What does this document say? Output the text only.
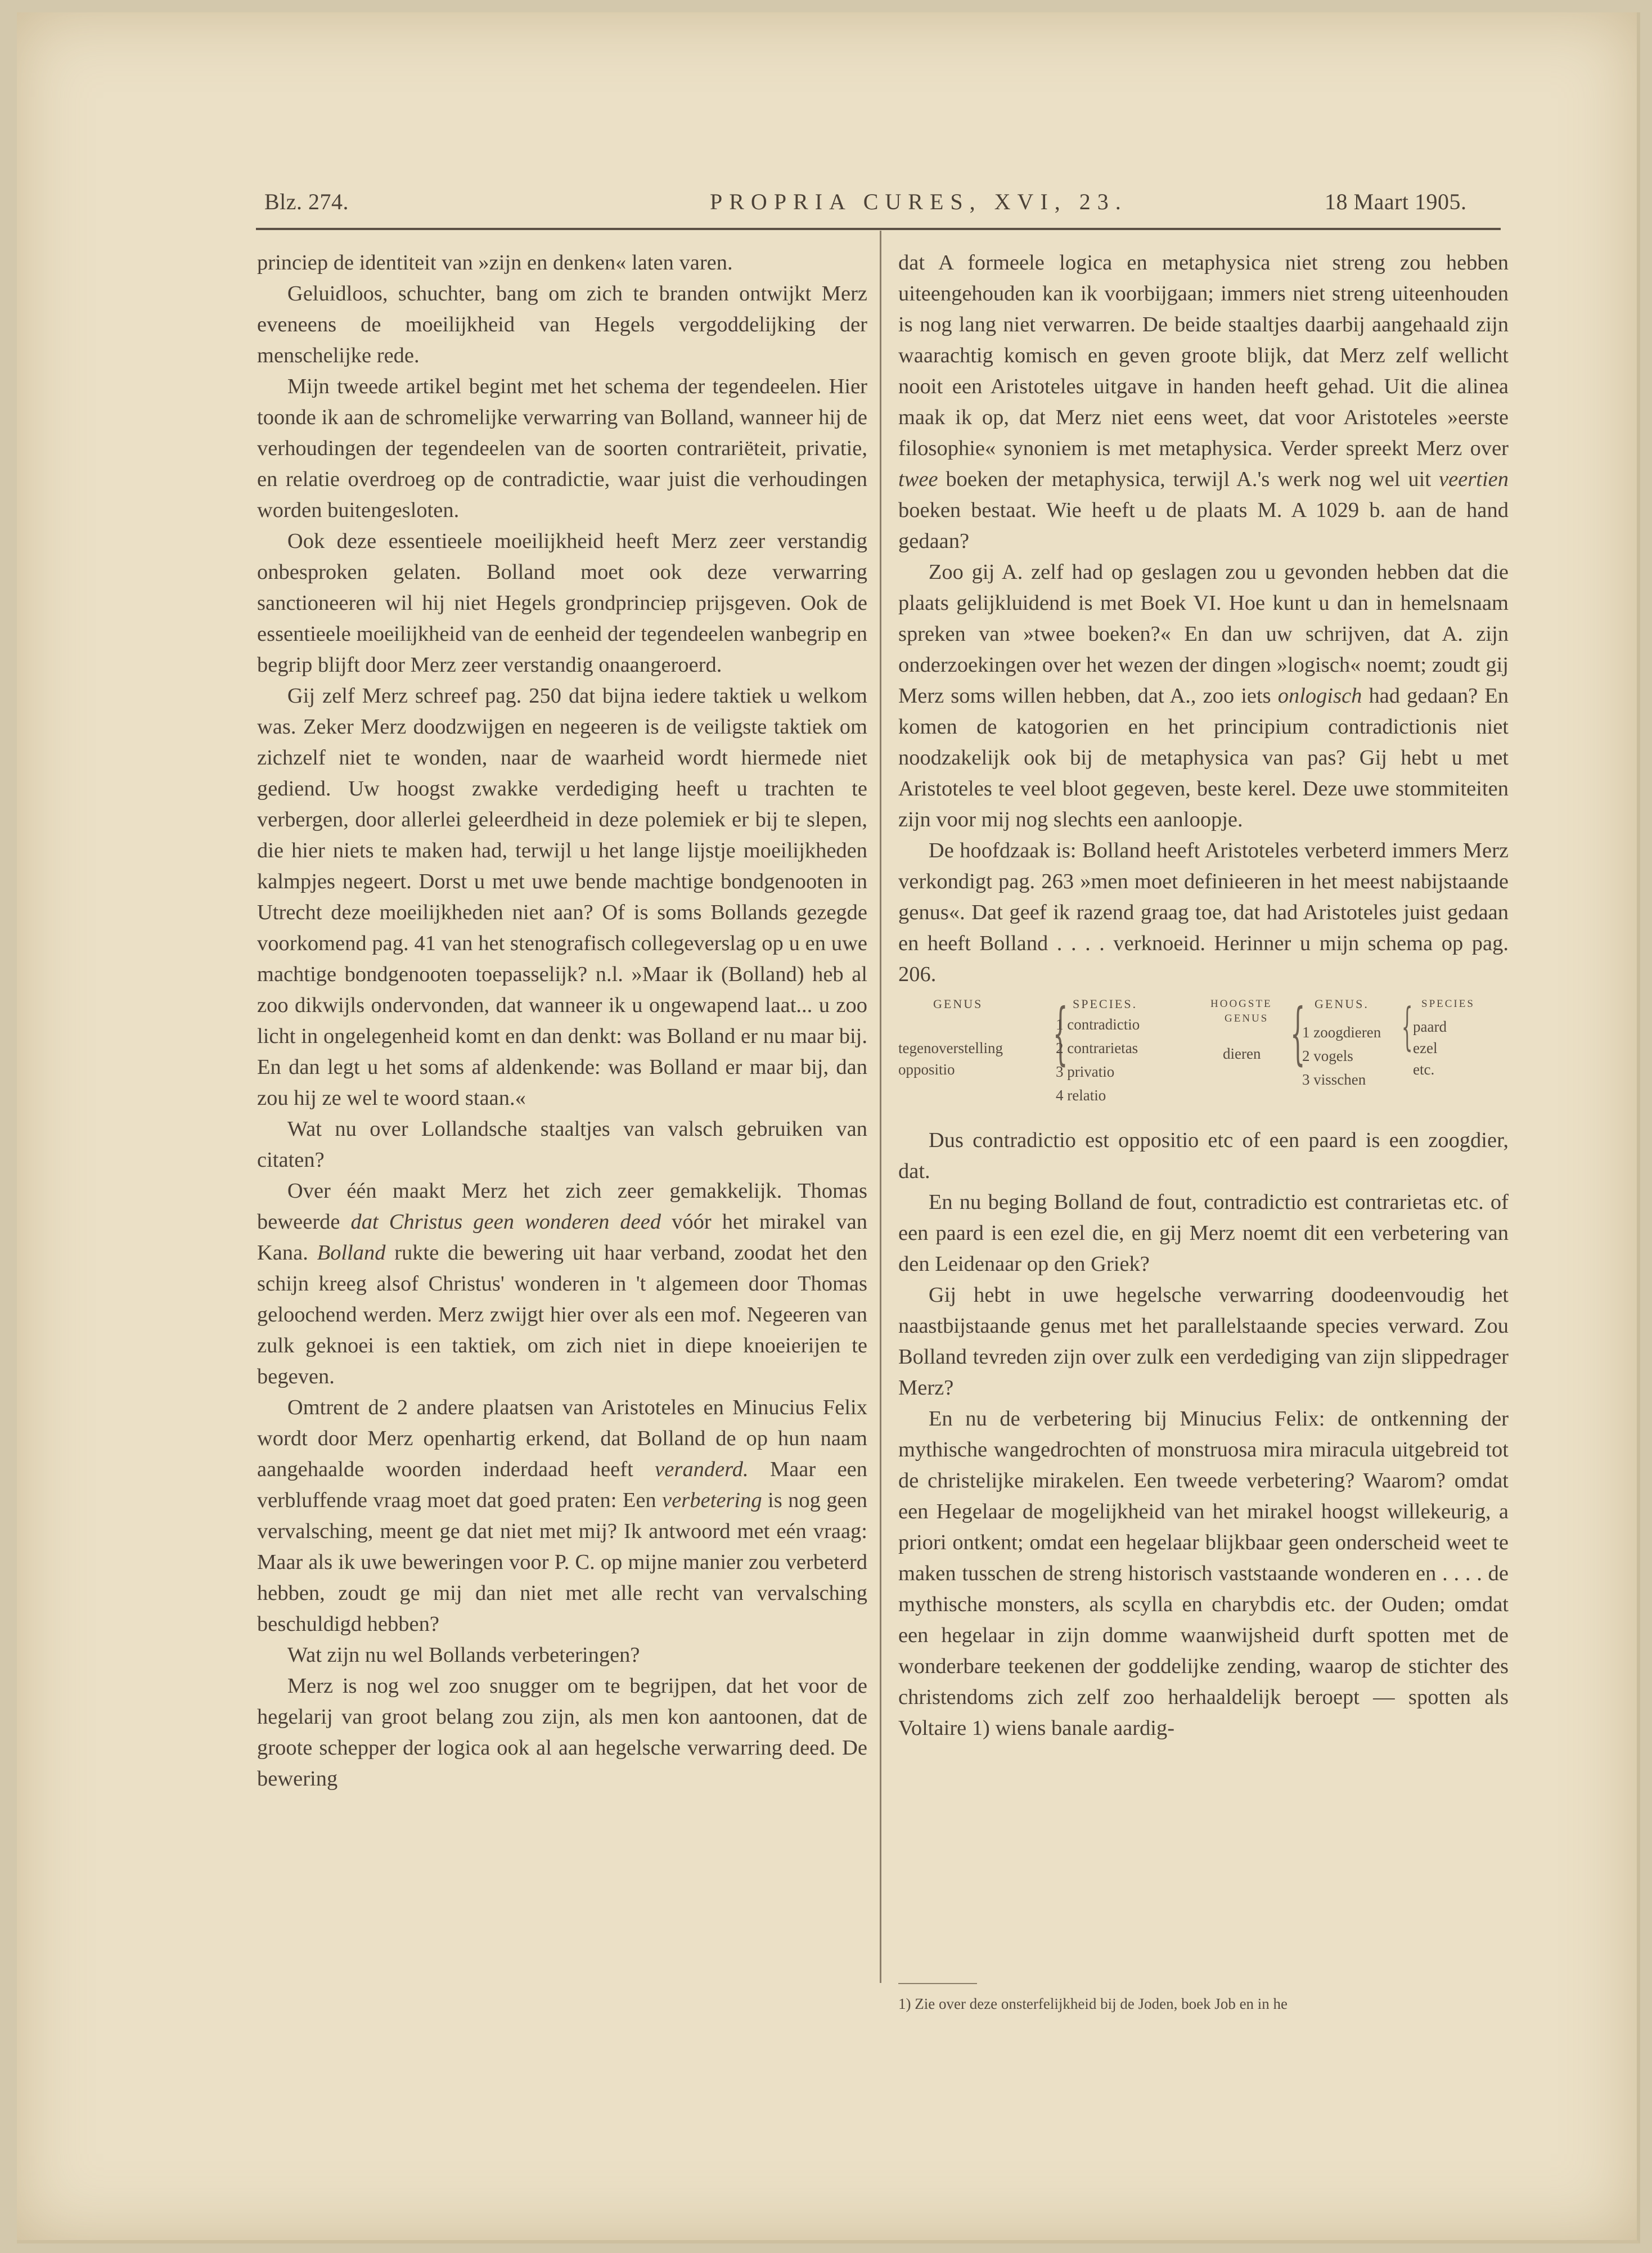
Blz. 274.	PROPRIA CURES, XVI, 23.	18 Maart 1905.

princiep de identiteit van »zijn en denken« laten varen.

Geluidloos, schuchter, bang om zich te branden ontwijkt Merz eveneens de moeilijkheid van Hegels vergoddelijking der menschelijke rede.

Mijn tweede artikel begint met het schema der tegendeelen. Hier toonde ik aan de schromelijke verwarring van Bolland, wanneer hij de verhoudingen der tegendeelen van de soorten contrariëteit, privatie, en relatie overdroeg op de contradictie, waar juist die verhoudingen worden buitengesloten.

Ook deze essentieele moeilijkheid heeft Merz zeer verstandig onbesproken gelaten. Bolland moet ook deze verwarring sanctioneeren wil hij niet Hegels grondprinciep prijsgeven. Ook de essentieele moeilijkheid van de eenheid der tegendeelen wanbegrip en begrip blijft door Merz zeer verstandig onaangeroerd.

Gij zelf Merz schreef pag. 250 dat bijna iedere taktiek u welkom was. Zeker Merz doodzwijgen en negeeren is de veiligste taktiek om zichzelf niet te wonden, naar de waarheid wordt hiermede niet gediend. Uw hoogst zwakke verdediging heeft u trachten te verbergen, door allerlei geleerdheid in deze polemiek er bij te slepen, die hier niets te maken had, terwijl u het lange lijstje moeilijkheden kalmpjes negeert. Dorst u met uwe bende machtige bondgenooten in Utrecht deze moeilijkheden niet aan? Of is soms Bollands gezegde voorkomend pag. 41 van het stenografisch collegeverslag op u en uwe machtige bondgenooten toepasselijk? n.l. »Maar ik (Bolland) heb al zoo dikwijls ondervonden, dat wanneer ik u ongewapend laat... u zoo licht in ongelegenheid komt en dan denkt: was Bolland er nu maar bij. En dan legt u het soms af aldenkende: was Bolland er maar bij, dan zou hij ze wel te woord staan.«

Wat nu over Lollandsche staaltjes van valsch gebruiken van citaten?

Over één maakt Merz het zich zeer gemakkelijk. Thomas beweerde dat Christus geen wonderen deed vóór het mirakel van Kana. Bolland rukte die bewering uit haar verband, zoodat het den schijn kreeg alsof Christus' wonderen in 't algemeen door Thomas geloochend werden. Merz zwijgt hier over als een mof. Negeeren van zulk geknoei is een taktiek, om zich niet in diepe knoeierijen te begeven.

Omtrent de 2 andere plaatsen van Aristoteles en Minucius Felix wordt door Merz openhartig erkend, dat Bolland de op hun naam aangehaalde woorden inderdaad heeft veranderd. Maar een verbluffende vraag moet dat goed praten: Een verbetering is nog geen vervalsching, meent ge dat niet met mij? Ik antwoord met eén vraag: Maar als ik uwe beweringen voor P. C. op mijne manier zou verbeterd hebben, zoudt ge mij dan niet met alle recht van vervalsching beschuldigd hebben?

Wat zijn nu wel Bollands verbeteringen?

Merz is nog wel zoo snugger om te begrijpen, dat het voor de hegelarij van groot belang zou zijn, als men kon aantoonen, dat de groote schepper der logica ook al aan hegelsche verwarring deed. De bewering

dat A formeele logica en metaphysica niet streng zou hebben uiteengehouden kan ik voorbijgaan; immers niet streng uiteenhouden is nog lang niet verwarren. De beide staaltjes daarbij aangehaald zijn waarachtig komisch en geven groote blijk, dat Merz zelf wellicht nooit een Aristoteles uitgave in handen heeft gehad. Uit die alinea maak ik op, dat Merz niet eens weet, dat voor Aristoteles »eerste filosophie« synoniem is met metaphysica. Verder spreekt Merz over twee boeken der metaphysica, terwijl A.'s werk nog wel uit veertien boeken bestaat. Wie heeft u de plaats M. A 1029 b. aan de hand gedaan?

Zoo gij A. zelf had op geslagen zou u gevonden hebben dat die plaats gelijkluidend is met Boek VI. Hoe kunt u dan in hemelsnaam spreken van »twee boeken?« En dan uw schrijven, dat A. zijn onderzoekingen over het wezen der dingen »logisch« noemt; zoudt gij Merz soms willen hebben, dat A., zoo iets onlogisch had gedaan? En komen de katogorien en het principium contradictionis niet noodzakelijk ook bij de metaphysica van pas? Gij hebt u met Aristoteles te veel bloot gegeven, beste kerel. Deze uwe stommiteiten zijn voor mij nog slechts een aanloopje.

De hoofdzaak is: Bolland heeft Aristoteles verbeterd immers Merz verkondigt pag. 263 »men moet definieeren in het meest nabijstaande genus«. Dat geef ik razend graag toe, dat had Aristoteles juist gedaan en heeft Bolland . . . . verknoeid. Herinner u mijn schema op pag. 206.

GENUS
tegenoverstelling
oppositio { SPECIES.
1 contradictio
2 contrarietas
3 privatio
4 relatio
HOOGSTE
GENUS
dieren { GENUS.
1 zoogdieren
2 vogels
3 visschen
{ SPECIES
paard
ezel
etc.

Dus contradictio est oppositio etc of een paard is een zoogdier, dat.

En nu beging Bolland de fout, contradictio est contrarietas etc. of een paard is een ezel die, en gij Merz noemt dit een verbetering van den Leidenaar op den Griek?

Gij hebt in uwe hegelsche verwarring doodeenvoudig het naastbijstaande genus met het parallelstaande species verward. Zou Bolland tevreden zijn over zulk een verdediging van zijn slippedrager Merz?

En nu de verbetering bij Minucius Felix: de ontkenning der mythische wangedrochten of monstruosa mira miracula uitgebreid tot de christelijke mirakelen. Een tweede verbetering? Waarom? omdat een Hegelaar de mogelijkheid van het mirakel hoogst willekeurig, a priori ontkent; omdat een hegelaar blijkbaar geen onderscheid weet te maken tusschen de streng historisch vaststaande wonderen en . . . . de mythische monsters, als scylla en charybdis etc. der Ouden; omdat een hegelaar in zijn domme waanwijsheid durft spotten met de wonderbare teekenen der goddelijke zending, waarop de stichter des christendoms zich zelf zoo herhaaldelijk beroept — spotten als Voltaire 1) wiens banale aardig-

1) Zie over deze onsterfelijkheid bij de Joden, boek Job en in he
